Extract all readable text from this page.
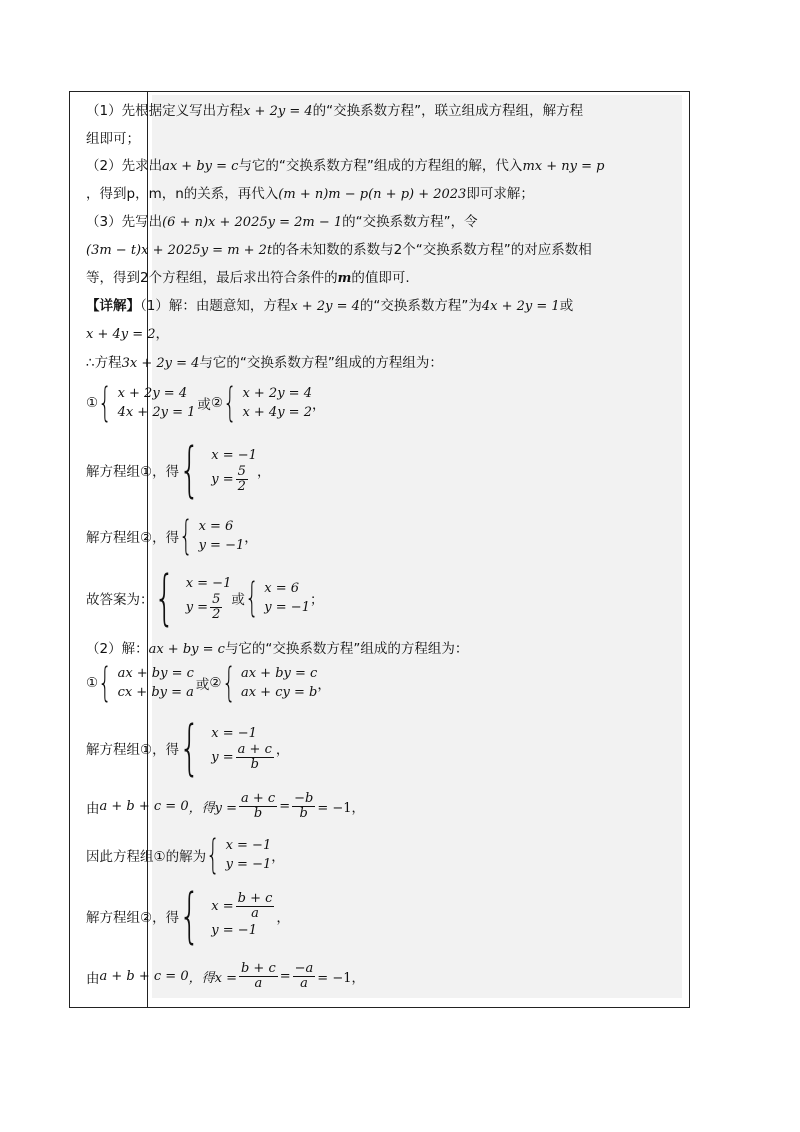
（1）先根据定义写出方程x + 2y = 4的“交换系数方程”，联立组成方程组，解方程
组即可；
（2）先求出ax + by = c与它的“交换系数方程”组成的方程组的解，代入mx + ny = p
，得到p，m，n的关系，再代入(m + n)m − p(n + p) + 2023即可求解；
（3）先写出(6 + n)x + 2025y = 2m − 1的“交换系数方程”，令
(3m − t)x + 2025y = m + 2t的各未知数的系数与2个“交换系数方程”的对应系数相
等，得到2个方程组，最后求出符合条件的m的值即可.
【详解】（1）解：由题意知，方程x + 2y = 4的“交换系数方程”为4x + 2y = 1或
x + 4y = 2，
∴方程3x + 2y = 4与它的“交换系数方程”组成的方程组为：
① { x + 2y = 4
4x + 2y = 1 或 ② { x + 2y = 4
x + 4y = 2 ，
解方程组①，得 { x = −1
$y = \frac{5}{2}$ ，
解方程组②，得 { x = 6
y = −1 ，
故答案为： { x = −1
$y = \frac{5}{2}$ 或 { x = 6
y = −1 ；
（2）解：ax + by = c与它的“交换系数方程”组成的方程组为：
① { ax + by = c
cx + by = a 或 ② { ax + by = c
ax + cy = b ，
解方程组①，得 { x = −1
$y = \frac{a + c}{b}$ ，
由 a + b + c = 0 ，得$y = \frac{a + c}{b} = \frac{-b}{b} = -1$，
因此方程组①的解为 { x = −1
y = −1 ，
解方程组②，得 { $x = \frac{b + c}{a}$
y = −1
，
由 a + b + c = 0 ，得$x = \frac{b + c}{a} = \frac{-a}{a} = -1$，
